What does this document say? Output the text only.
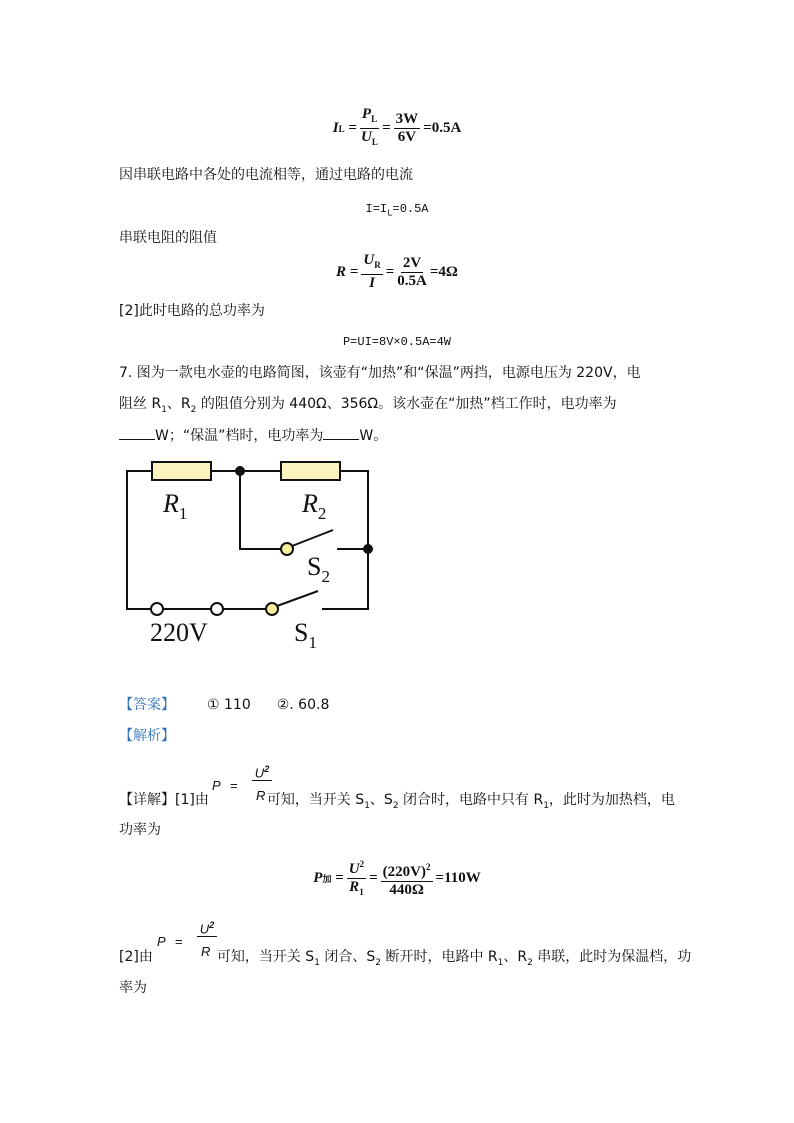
I $L = \frac{P_L}{U_L} = \frac{3W}{6V} =0.5A$
因串联电路中各处的电流相等，通过电路的电流
$I=I_L=0.5A$
串联电阻的阻值
$R = \frac{U_R}{I} = \frac{2V}{0.5A} =4\Omega$
[2]此时电路的总功率为
P=UI=8V×0.5A=4W
7. 图为一款电水壶的电路简图，该壶有“加热”和“保温”两挡，电源电压为 220V，电
阻丝 $R_1$、$R_2$ 的阻值分别为 440Ω、356Ω。该水壶在“加热”档工作时，电功率为
W；“保温”档时，电功率为	W。
$R_1$	$R_2$
$S_2$
220V	$S_1$
【答案】 ① 110 ②. 60.8
【解析】
P =
$U^2$
R
【详解】[1]由	可知，当开关 $S_1$、$S_2$ 闭合时，电路中只有 $R_1$，此时为加热档，电
功率为
P 加 = $\frac{U^2}{R_1} = \frac{(220V)^2}{440\Omega} =110W$
P =
$U^2$
R
[2]由	可知，当开关 $S_1$ 闭合、$S_2$ 断开时，电路中 $R_1$、$R_2$ 串联，此时为保温档，功
率为
